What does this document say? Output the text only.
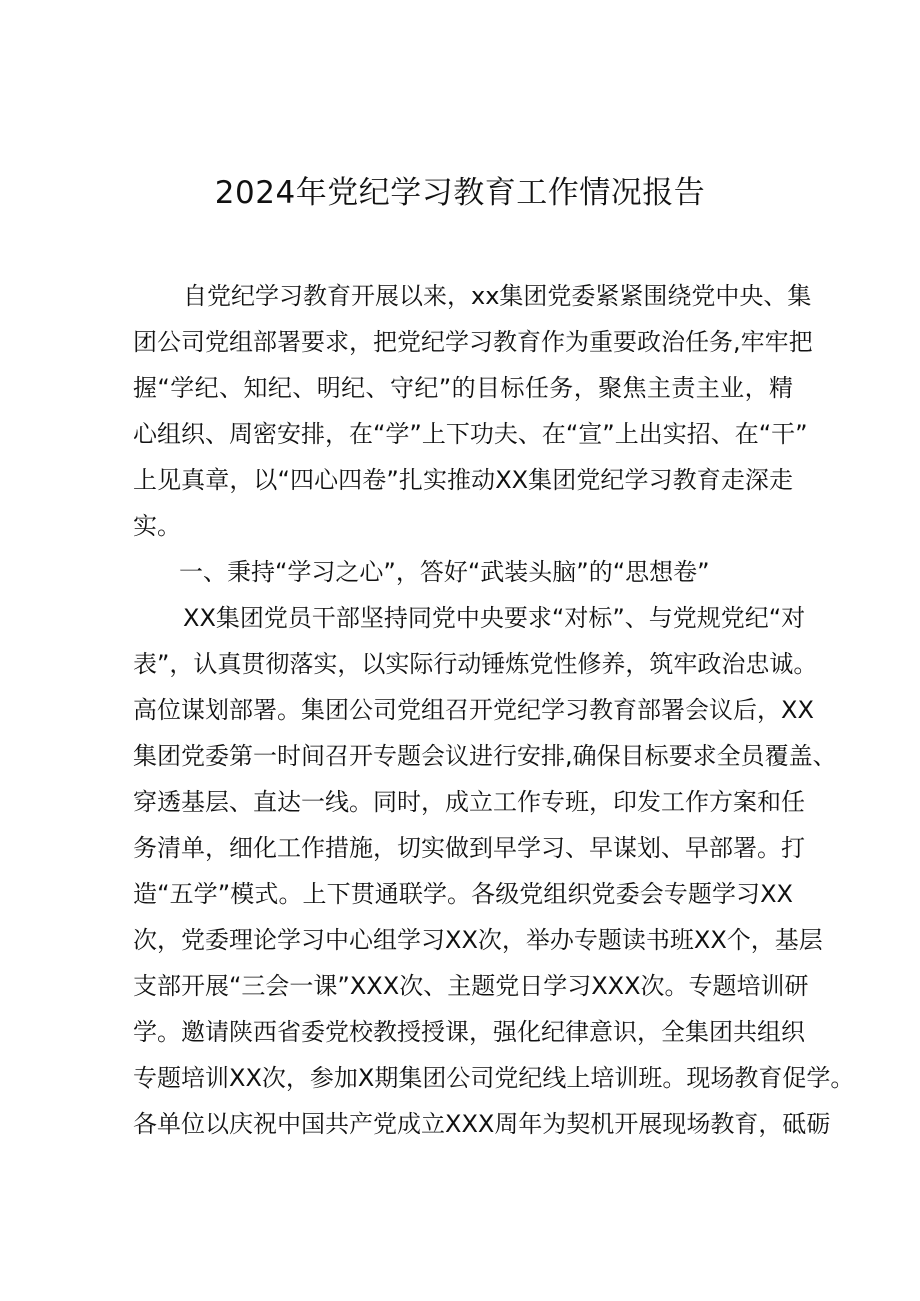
2024年党纪学习教育工作情况报告
自党纪学习教育开展以来，xx集团党委紧紧围绕党中央、集
团公司党组部署要求，把党纪学习教育作为重要政治任务,牢牢把
握“学纪、知纪、明纪、守纪”的目标任务，聚焦主责主业，精
心组织、周密安排，在“学”上下功夫、在“宣”上出实招、在“干”
上见真章，以“四心四卷”扎实推动XX集团党纪学习教育走深走
实。
一、秉持“学习之心”，答好“武装头脑”的“思想卷”
XX集团党员干部坚持同党中央要求“对标”、与党规党纪“对
表”，认真贯彻落实，以实际行动锤炼党性修养，筑牢政治忠诚。
高位谋划部署。集团公司党组召开党纪学习教育部署会议后，XX
集团党委第一时间召开专题会议进行安排,确保目标要求全员覆盖、
穿透基层、直达一线。同时，成立工作专班，印发工作方案和任
务清单，细化工作措施，切实做到早学习、早谋划、早部署。打
造“五学”模式。上下贯通联学。各级党组织党委会专题学习XX
次，党委理论学习中心组学习XX次，举办专题读书班XX个，基层
支部开展“三会一课”XXX次、主题党日学习XXX次。专题培训研
学。邀请陕西省委党校教授授课，强化纪律意识，全集团共组织
专题培训XX次，参加X期集团公司党纪线上培训班。现场教育促学。
各单位以庆祝中国共产党成立XXX周年为契机开展现场教育，砥砺
